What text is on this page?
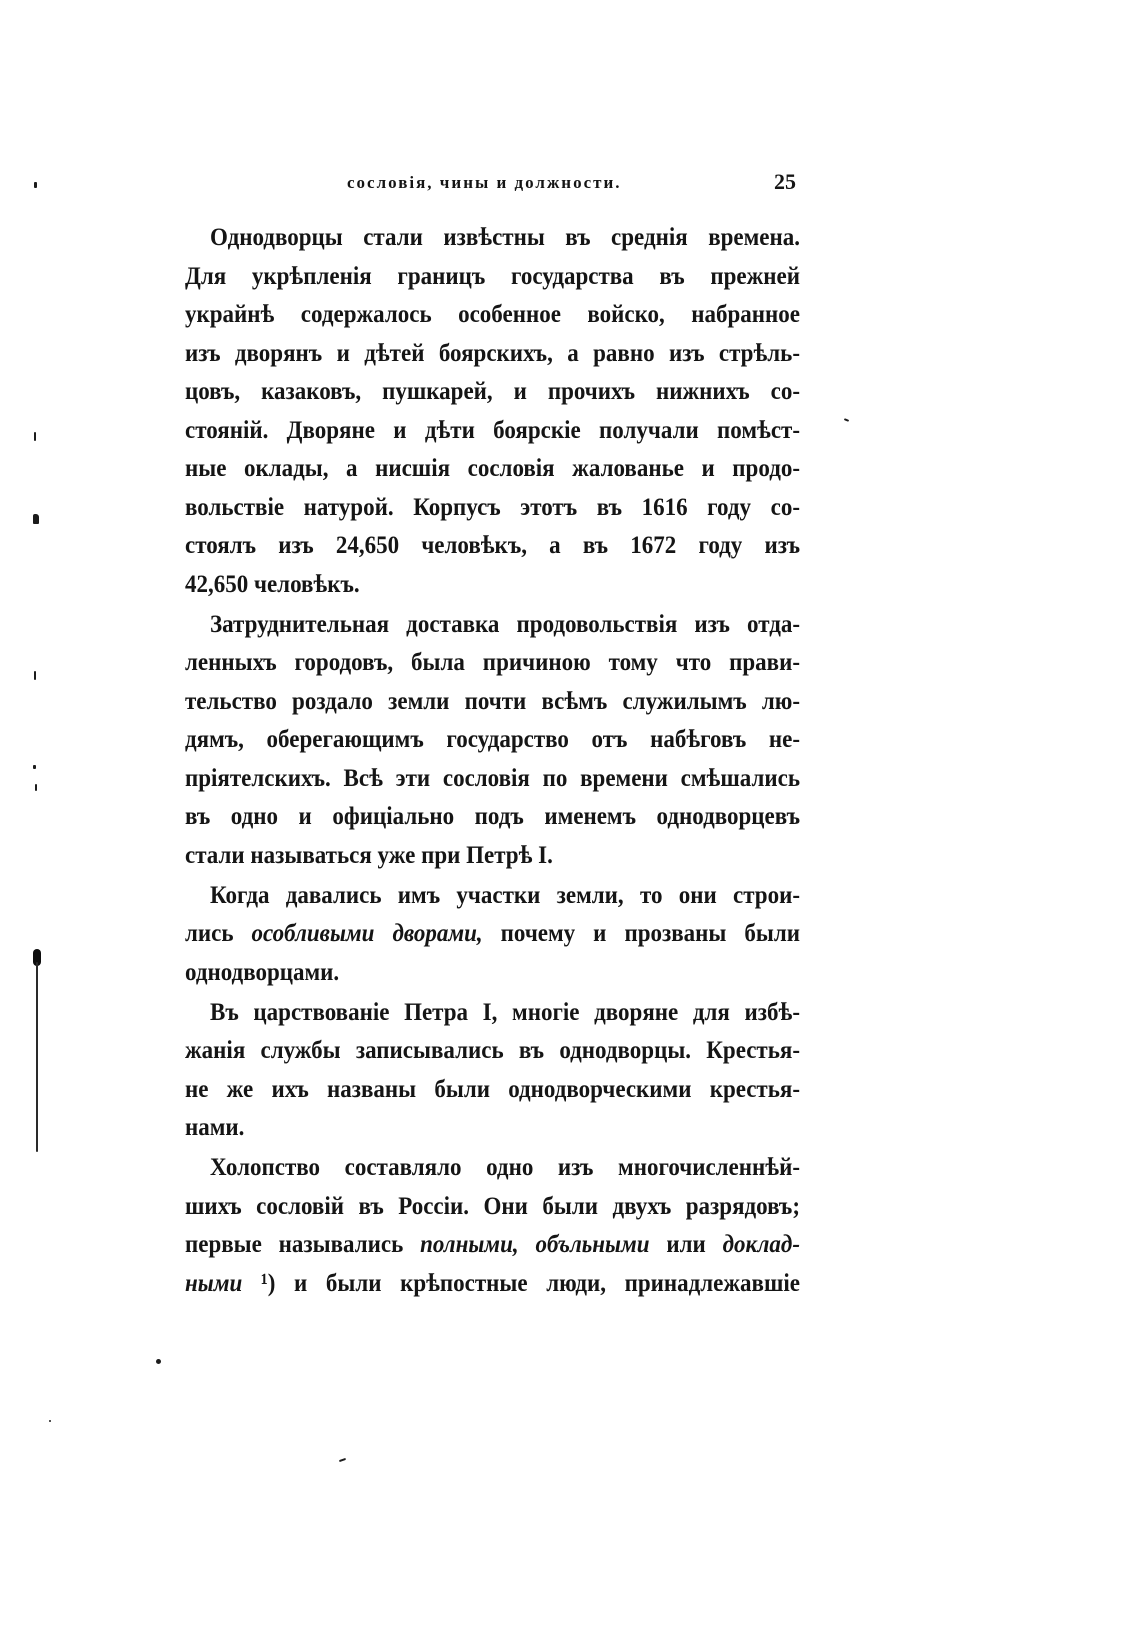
сословія, чины и должности.	25
Однодворцы стали извѣстны въ среднія времена.
Для укрѣпленія границъ государства въ прежней
украйнѣ содержалось особенное войско, набранное
изъ дворянъ и дѣтей боярскихъ, а равно изъ стрѣль-
цовъ, казаковъ, пушкарей, и прочихъ нижнихъ со-
стояній. Дворяне и дѣти боярскіе получали помѣст-
ные оклады, а нисшія сословія жалованье и продо-
вольствіе натурой. Корпусъ этотъ въ 1616 году со-
стоялъ изъ 24,650 человѣкъ, а въ 1672 году изъ
42,650 человѣкъ.
Затруднительная доставка продовольствія изъ отда-
ленныхъ городовъ, была причиною тому что прави-
тельство роздало земли почти всѣмъ служилымъ лю-
дямъ, оберегающимъ государство отъ набѣговъ не-
пріятелскихъ. Всѣ эти сословія по времени смѣшались
въ одно и офиціально подъ именемъ однодворцевъ
стали называться уже при Петрѣ I.
Когда давались имъ участки земли, то они строи-
лись особливыми дворами, почему и прозваны были
однодворцами.
Въ царствованіе Петра I, многіе дворяне для избѣ-
жанія службы записывались въ однодворцы. Крестья-
не же ихъ названы были однодворческими крестья-
нами.
Холопство составляло одно изъ многочисленнѣй-
шихъ сословій въ Россіи. Они были двухъ разрядовъ;
первые назывались полными, объльными или доклад-
ными ¹) и были крѣпостные люди, принадлежавшіе
